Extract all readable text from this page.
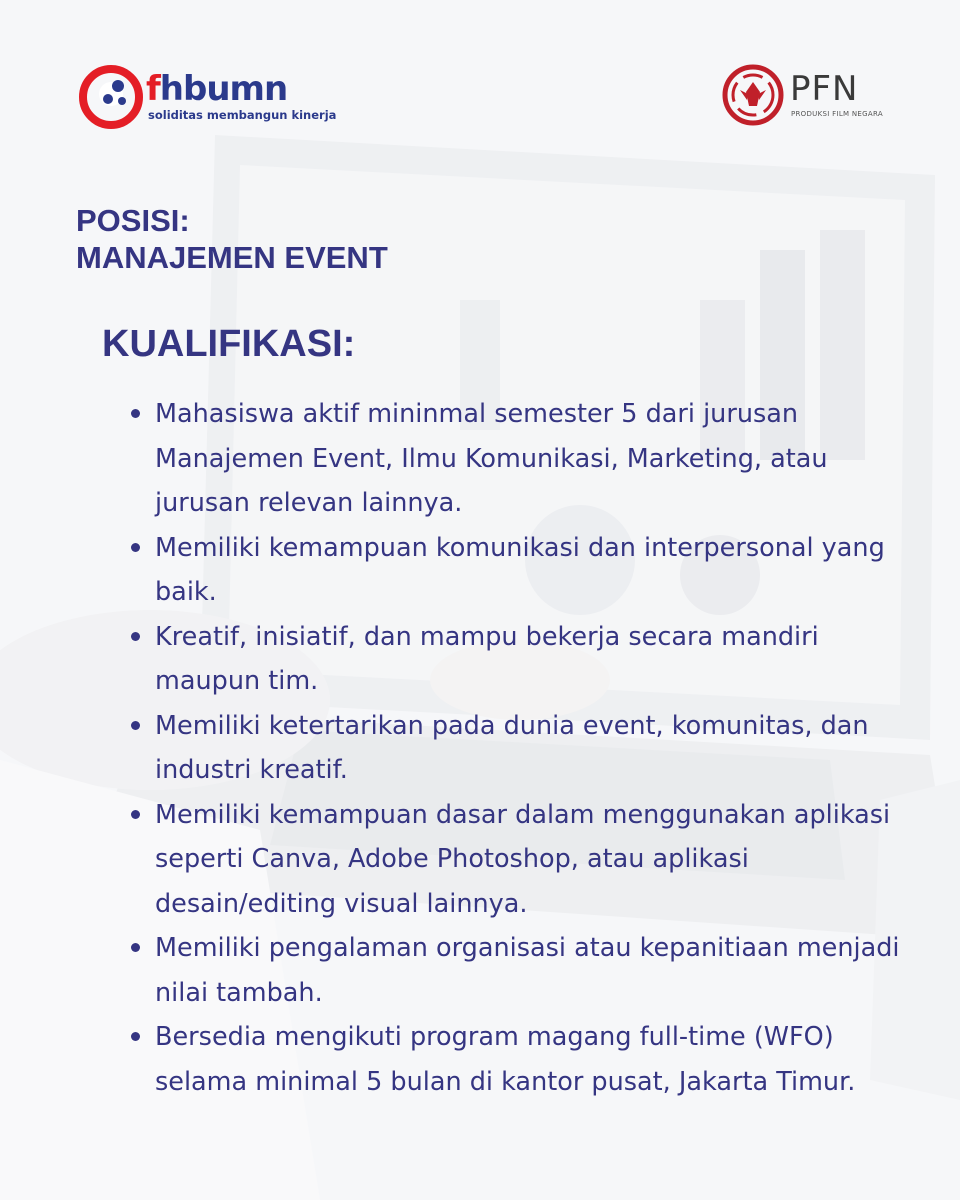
fhbumn
soliditas membangun kinerja
PFN
PRODUKSI FILM NEGARA
POSISI:
MANAJEMEN EVENT
KUALIFIKASI:
Mahasiswa aktif mininmal semester 5 dari jurusan Manajemen Event, Ilmu Komunikasi, Marketing, atau jurusan relevan lainnya.
Memiliki kemampuan komunikasi dan interpersonal yang baik.
Kreatif, inisiatif, dan mampu bekerja secara mandiri maupun tim.
Memiliki ketertarikan pada dunia event, komunitas, dan industri kreatif.
Memiliki kemampuan dasar dalam menggunakan aplikasi seperti Canva, Adobe Photoshop, atau aplikasi desain/editing visual lainnya.
Memiliki pengalaman organisasi atau kepanitiaan menjadi nilai tambah.
Bersedia mengikuti program magang full-time (WFO) selama minimal 5 bulan di kantor pusat, Jakarta Timur.
